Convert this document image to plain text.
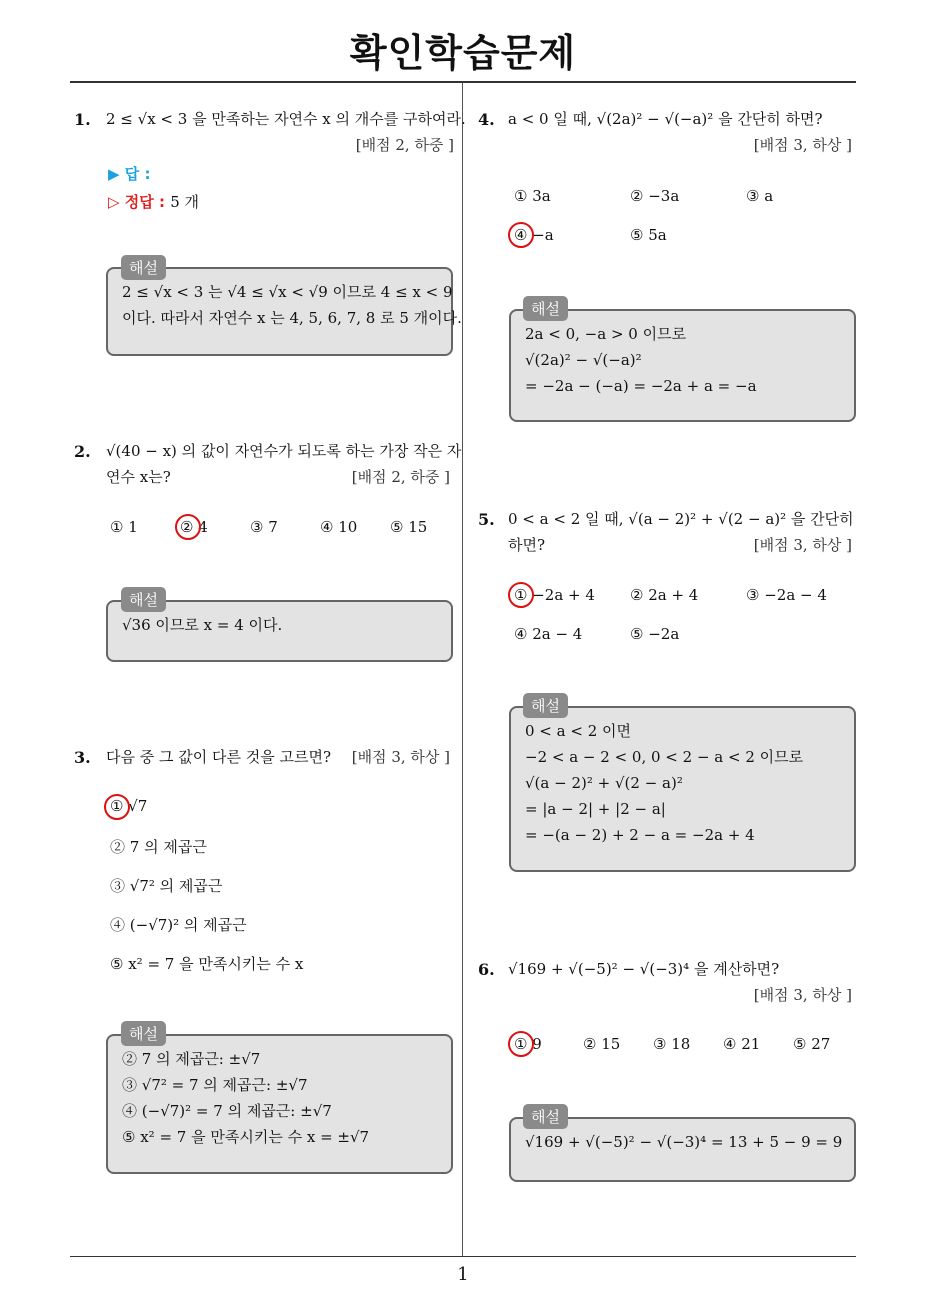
확인학습문제
1
1. 2 ≤ √x < 3 을 만족하는 자연수 x 의 개수를 구하여라.
[배점 2, 하중 ]
▶ 답 :
▷ 정답 : 5 개
2 ≤ √x < 3 는 √4 ≤ √x < √9 이므로 4 ≤ x < 9
이다. 따라서 자연수 x 는 4, 5, 6, 7, 8 로 5 개이다.
해설
2. √(40 − x) 의 값이 자연수가 되도록 하는 가장 작은 자
연수 x는?	[배점 2, 하중 ]
① 1	② 4	③ 7	④ 10 ⑤ 15
√36 이므로 x = 4 이다.
해설
3. 다음 중 그 값이 다른 것을 고르면?	[배점 3, 하상 ]
① √7
② 7 의 제곱근
③ √7² 의 제곱근
④ (−√7)² 의 제곱근
⑤ x² = 7 을 만족시키는 수 x
② 7 의 제곱근: ±√7
③ √7² = 7 의 제곱근: ±√7
④ (−√7)² = 7 의 제곱근: ±√7
⑤ x² = 7 을 만족시키는 수 x = ±√7
해설
4. a < 0 일 때, √(2a)² − √(−a)² 을 간단히 하면?
[배점 3, 하상 ]
① 3a	② −3a	③ a
④ −a	⑤ 5a
2a < 0, −a > 0 이므로
√(2a)² − √(−a)²
= −2a − (−a) = −2a + a = −a
해설
5. 0 < a < 2 일 때, √(a − 2)² + √(2 − a)² 을 간단히
하면?	[배점 3, 하상 ]
① −2a + 4 ② 2a + 4	③ −2a − 4
④ 2a − 4	⑤ −2a
0 < a < 2 이면
−2 < a − 2 < 0, 0 < 2 − a < 2 이므로
√(a − 2)² + √(2 − a)²
= |a − 2| + |2 − a|
= −(a − 2) + 2 − a = −2a + 4
해설
6. √169 + √(−5)² − √(−3)⁴ 을 계산하면?
[배점 3, 하상 ]
① 9	② 15 ③ 18 ④ 21 ⑤ 27
√169 + √(−5)² − √(−3)⁴ = 13 + 5 − 9 = 9
해설
